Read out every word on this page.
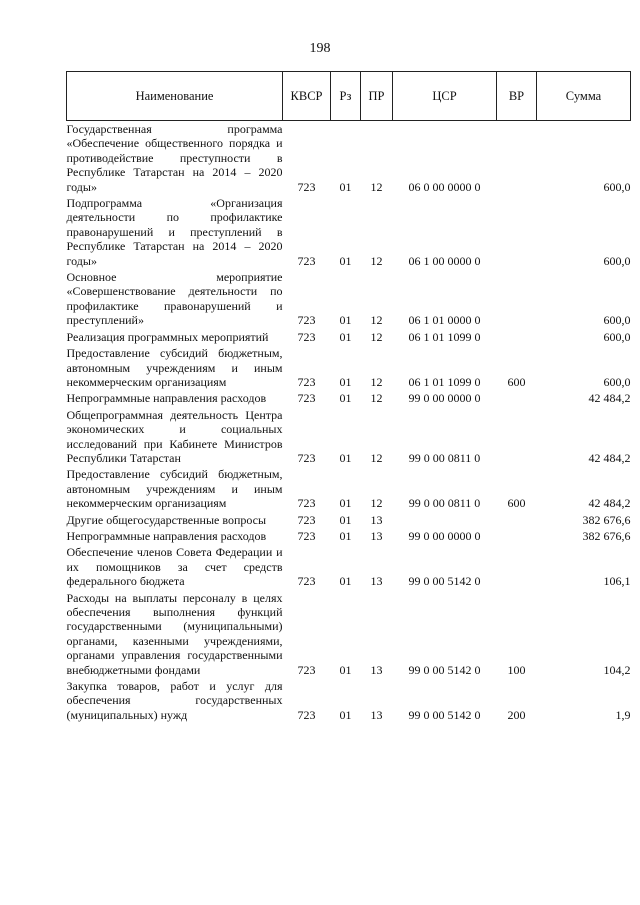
198
Наименование	КВСР	Рз	ПР	ЦСР	ВР	Сумма
Государственная программа «Обеспечение общественного порядка и противодействие преступности в Республике Татарстан на 2014 – 2020 годы»	723	01	12	06 0 00 0000 0		600,0
Подпрограмма «Организация деятельности по профилактике правонарушений и преступлений в Республике Татарстан на 2014 – 2020 годы»	723	01	12	06 1 00 0000 0		600,0
Основное мероприятие «Совершенствование деятельности по профилактике правонарушений и преступлений»	723	01	12	06 1 01 0000 0		600,0
Реализация программных мероприятий	723	01	12	06 1 01 1099 0		600,0
Предоставление субсидий бюджетным, автономным учреждениям и иным некоммерческим организациям	723	01	12	06 1 01 1099 0	600	600,0
Непрограммные направления расходов	723	01	12	99 0 00 0000 0		42 484,2
Общепрограммная деятельность Центра экономических и социальных исследований при Кабинете Министров Республики Татарстан	723	01	12	99 0 00 0811 0		42 484,2
Предоставление субсидий бюджетным, автономным учреждениям и иным некоммерческим организациям	723	01	12	99 0 00 0811 0	600	42 484,2
Другие общегосударственные вопросы	723	01	13			382 676,6
Непрограммные направления расходов	723	01	13	99 0 00 0000 0		382 676,6
Обеспечение членов Совета Федерации и их помощников за счет средств федерального бюджета	723	01	13	99 0 00 5142 0		106,1
Расходы на выплаты персоналу в целях обеспечения выполнения функций государственными (муниципальными) органами, казенными учреждениями, органами управления государственными внебюджетными фондами	723	01	13	99 0 00 5142 0	100	104,2
Закупка товаров, работ и услуг для обеспечения государственных (муниципальных) нужд	723	01	13	99 0 00 5142 0	200	1,9
